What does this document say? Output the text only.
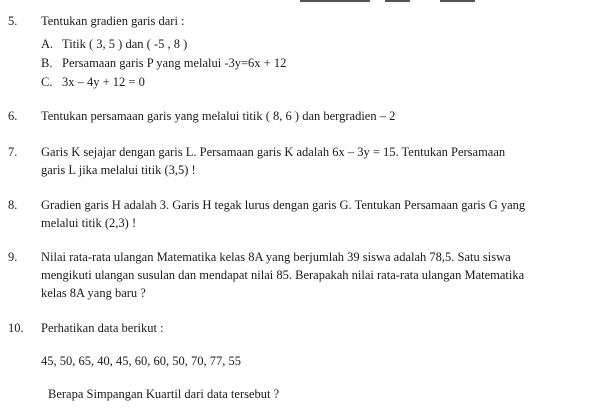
5. Tentukan gradien garis dari :
A. Titik ( 3, 5 ) dan ( -5 , 8 )
B. Persamaan garis P yang melalui -3y=6x + 12
C. 3x – 4y + 12 = 0
6. Tentukan persamaan garis yang melalui titik ( 8, 6 ) dan bergradien – 2
7. Garis K sejajar dengan garis L. Persamaan garis K adalah 6x – 3y = 15. Tentukan Persamaan
garis L jika melalui titik (3,5) !
8. Gradien garis H adalah 3. Garis H tegak lurus dengan garis G. Tentukan Persamaan garis G yang
melalui titik (2,3) !
9. Nilai rata-rata ulangan Matematika kelas 8A yang berjumlah 39 siswa adalah 78,5. Satu siswa
mengikuti ulangan susulan dan mendapat nilai 85. Berapakah nilai rata-rata ulangan Matematika
kelas 8A yang baru ?
10. Perhatikan data berikut :
45, 50, 65, 40, 45, 60, 60, 50, 70, 77, 55
Berapa Simpangan Kuartil dari data tersebut ?
